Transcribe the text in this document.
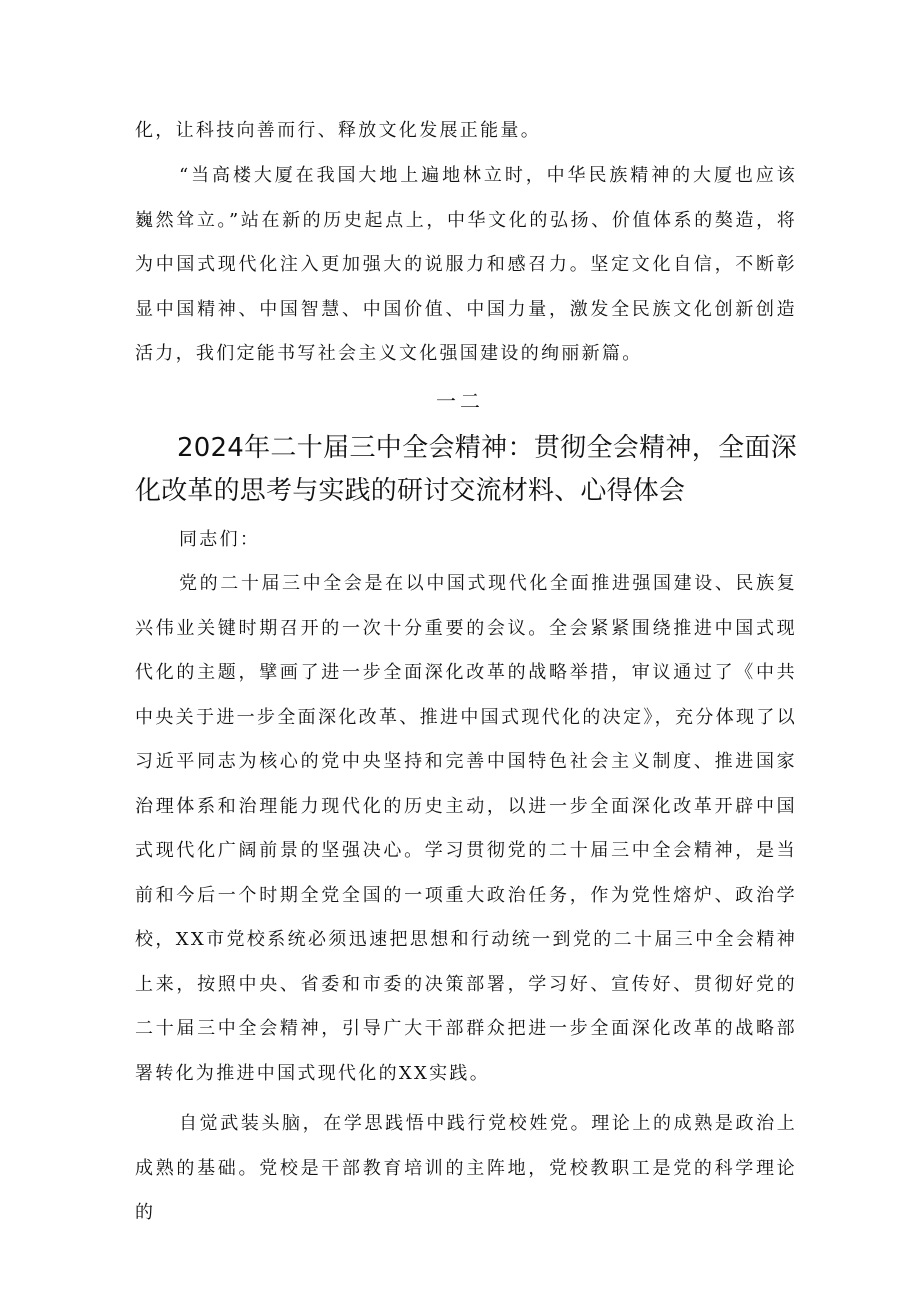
化，让科技向善而行、释放文化发展正能量。

“当高楼大厦在我国大地上遍地林立时，中华民族精神的大厦也应该巍然耸立。”站在新的历史起点上，中华文化的弘扬、价值体系的獒造，将为中国式现代化注入更加强大的说服力和感召力。坚定文化自信，不断彰显中国精神、中国智慧、中国价值、中国力量，激发全民族文化创新创造活力，我们定能书写社会主义文化强国建设的绚丽新篇。

一二

2024年二十届三中全会精神：贯彻全会精神，全面深化改革的思考与实践的研讨交流材料、心得体会

同志们：

党的二十届三中全会是在以中国式现代化全面推进强国建设、民族复兴伟业关键时期召开的一次十分重要的会议。全会紧紧围绕推进中国式现代化的主题，擘画了进一步全面深化改革的战略举措，审议通过了《中共中央关于进一步全面深化改革、推进中国式现代化的决定》，充分体现了以习近平同志为核心的党中央坚持和完善中国特色社会主义制度、推进国家治理体系和治理能力现代化的历史主动，以进一步全面深化改革开辟中国式现代化广阔前景的坚强决心。学习贯彻党的二十届三中全会精神，是当前和今后一个时期全党全国的一项重大政治任务，作为党性熔炉、政治学校，XX市党校系统必须迅速把思想和行动统一到党的二十届三中全会精神上来，按照中央、省委和市委的决策部署，学习好、宣传好、贯彻好党的二十届三中全会精神，引导广大干部群众把进一步全面深化改革的战略部署转化为推进中国式现代化的XX实践。

自觉武装头脑，在学思践悟中践行党校姓党。理论上的成熟是政治上成熟的基础。党校是干部教育培训的主阵地，党校教职工是党的科学理论的
